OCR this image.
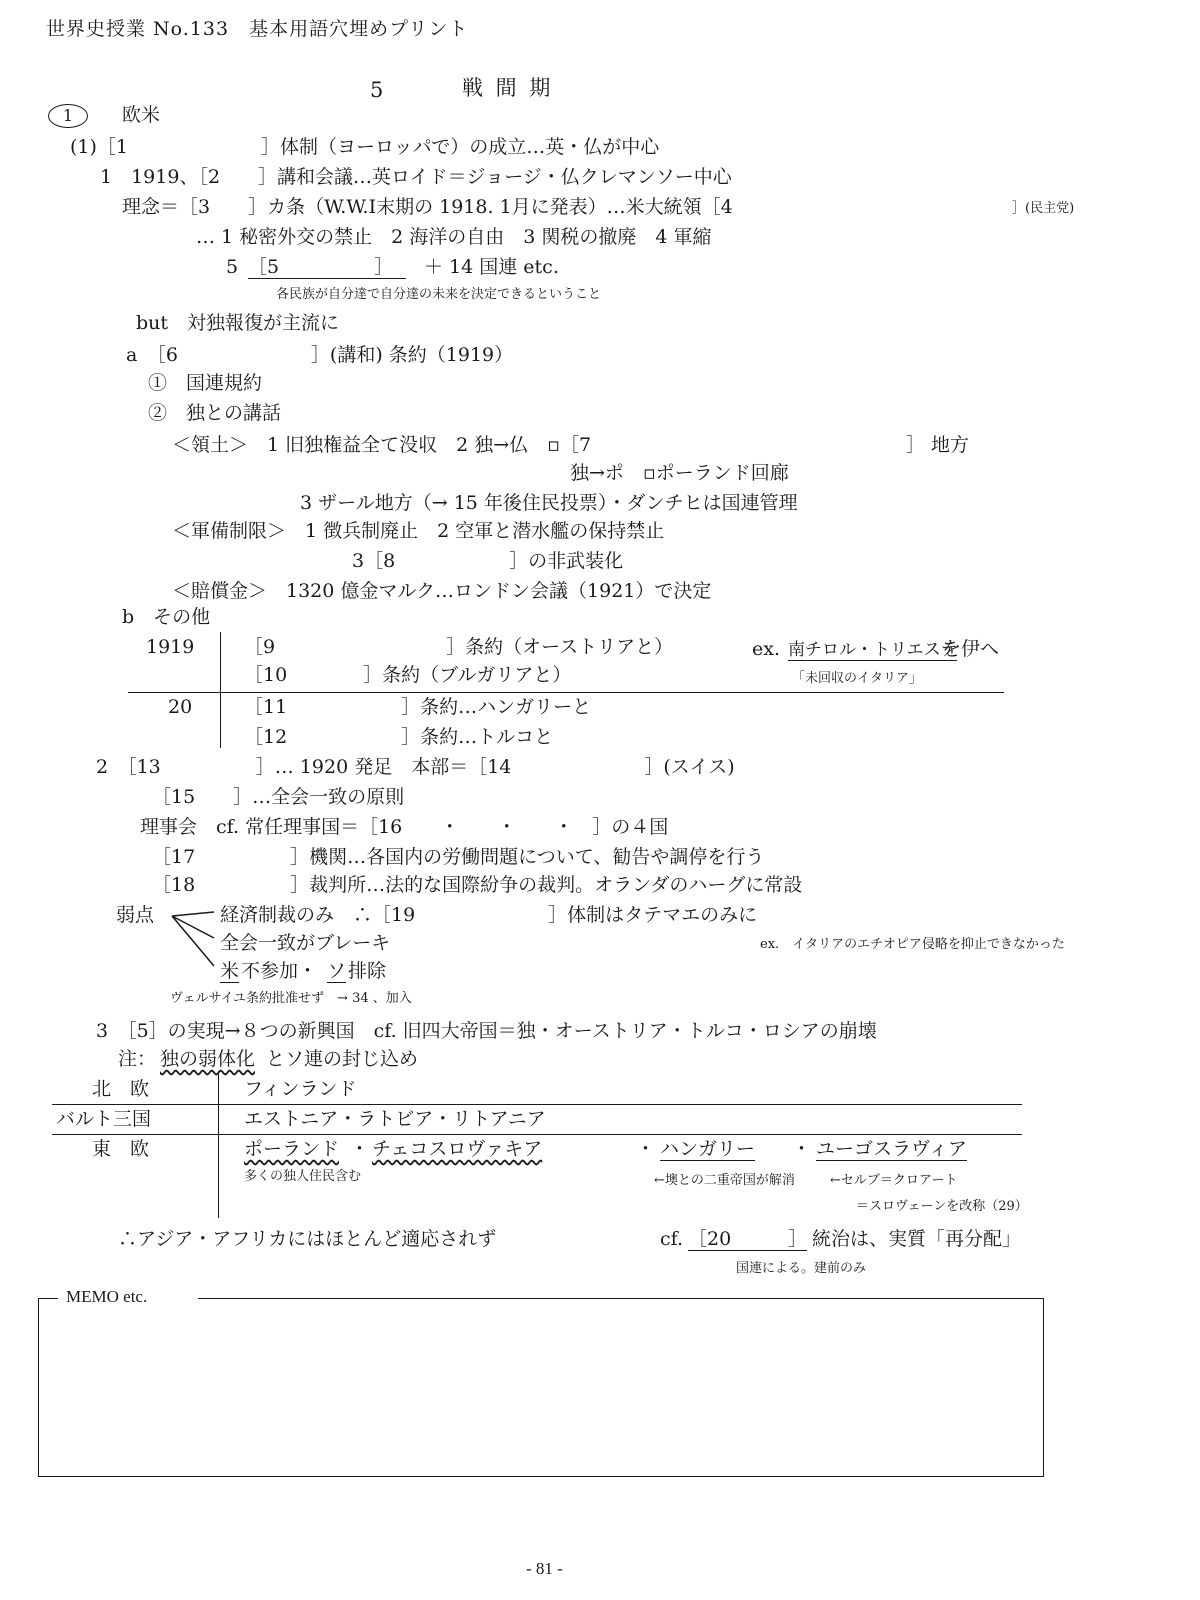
世界史授業 No.133　基本用語穴埋めプリント
5	戦 間 期
1	欧米
(1)［1　　　　　　　］体制（ヨーロッパで）の成立…英・仏が中心
1　1919、［2　　］講和会議…英ロイド＝ジョージ・仏クレマンソー中心
理念＝［3　　］カ条（W.W.Ⅰ末期の 1918. 1月に発表）…米大統領［4	］(民主党)
… 1 秘密外交の禁止　2 海洋の自由　3 関税の撤廃　4 軍縮
5 ［5　　　　　］	＋ 14 国連 etc.
各民族が自分達で自分達の未来を決定できるということ
but　対独報復が主流に
a　［6　　　　　　　］(講和) 条約（1919）
①　国連規約
②　独との講話
＜領土＞　1 旧独権益全て没収　2 独→仏　▫［7	］ 地方
独→ポ　▫ポーランド回廊
3 ザール地方（→ 15 年後住民投票）・ダンチヒは国連管理
＜軍備制限＞　1 徴兵制廃止　2 空軍と潜水艦の保持禁止
3［8　　　　　　］の非武装化
＜賠償金＞　1320 億金マルク…ロンドン会議（1921）で決定
b　その他
1919	［9　　　　　　　　　］条約（オーストリアと）	ex. 南チロル・トリエステ
を伊へ
［10　　　　］条約（ブルガリアと）	「未回収のイタリア」
20	［11　　　　　　］条約…ハンガリーと
［12　　　　　　］条約…トルコと
2　［13　　　　　］… 1920 発足　本部＝［14　　　　　　　］(スイス)
［15　　］…全会一致の原則
理事会　cf. 常任理事国＝［16　　・　　・　　・　］の４国
［17　　　　　］機関…各国内の労働問題について、勧告や調停を行う
［18　　　　　］裁判所…法的な国際紛争の裁判。オランダのハーグに常設
弱点	経済制裁のみ　∴［19　　　　　　　］体制はタテマエのみに
全会一致がブレーキ	ex.　イタリアのエチオピア侵略を抑止できなかった
米 不参加・ ソ 排除
ヴェルサイユ条約批准せず　→ 34 、加入
3　［5］の実現→８つの新興国　cf. 旧四大帝国＝独・オーストリア・トルコ・ロシアの崩壊
注： 独の弱体化 とソ連の封じ込め
北　欧	フィンランド
バルト三国	エストニア・ラトビア・リトアニア
東　欧	ポーランド ・ チェコスロヴァキア	・ ハンガリー ・ ユーゴスラヴィア
多くの独人住民含む	←墺との二重帝国が解消	←セルブ＝クロアート
＝スロヴェーンを改称（29）
∴アジア・アフリカにはほとんど適応されず	cf. ［20　　　］ 統治は、実質「再分配」
国連による。建前のみ
MEMO etc.
- 81 -
